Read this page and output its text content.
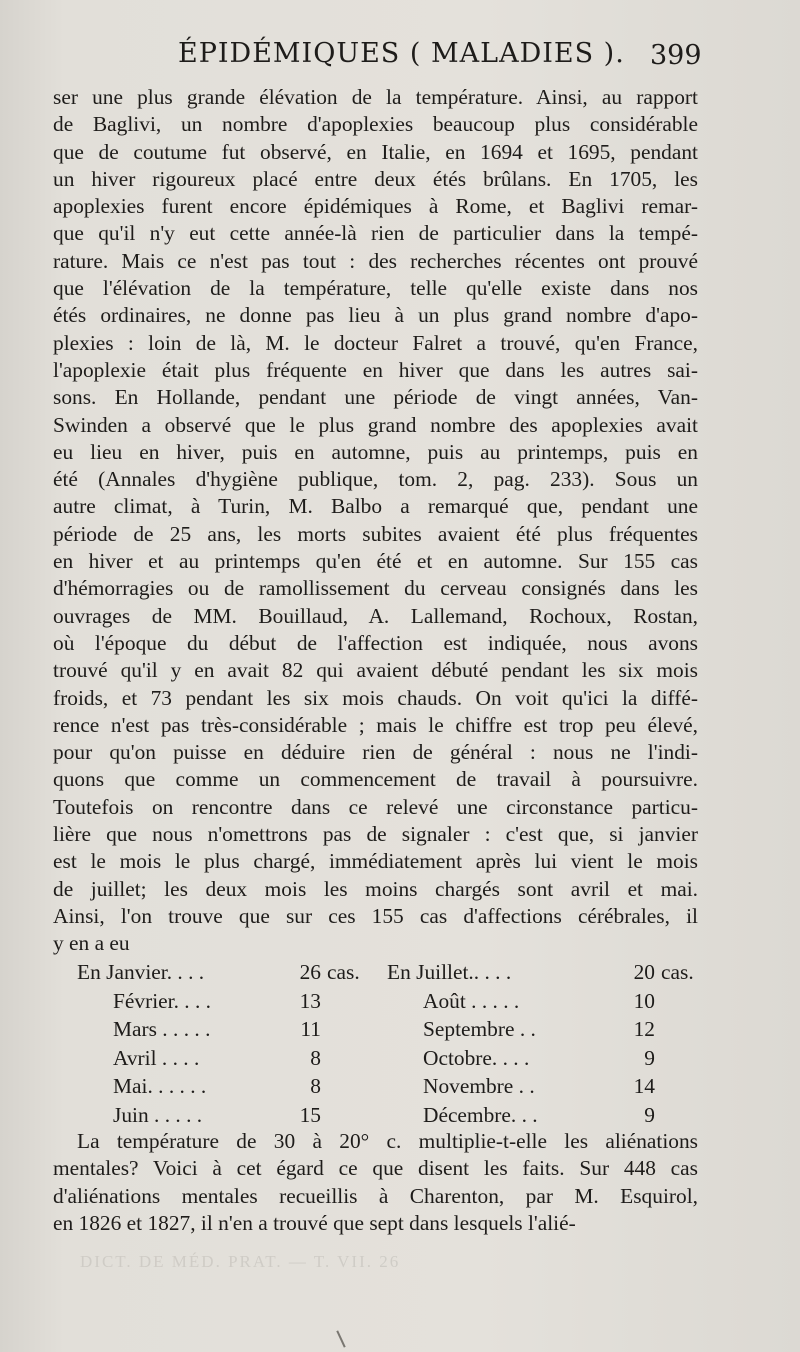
ÉPIDÉMIQUES ( MALADIES ). 399
ser une plus grande élévation de la température. Ainsi, au rapport
de Baglivi, un nombre d'apoplexies beaucoup plus considérable
que de coutume fut observé, en Italie, en 1694 et 1695, pendant
un hiver rigoureux placé entre deux étés brûlans. En 1705, les
apoplexies furent encore épidémiques à Rome, et Baglivi remar-
que qu'il n'y eut cette année-là rien de particulier dans la tempé-
rature. Mais ce n'est pas tout : des recherches récentes ont prouvé
que l'élévation de la température, telle qu'elle existe dans nos
étés ordinaires, ne donne pas lieu à un plus grand nombre d'apo-
plexies : loin de là, M. le docteur Falret a trouvé, qu'en France,
l'apoplexie était plus fréquente en hiver que dans les autres sai-
sons. En Hollande, pendant une période de vingt années, Van-
Swinden a observé que le plus grand nombre des apoplexies avait
eu lieu en hiver, puis en automne, puis au printemps, puis en
été (Annales d'hygiène publique, tom. 2, pag. 233). Sous un
autre climat, à Turin, M. Balbo a remarqué que, pendant une
période de 25 ans, les morts subites avaient été plus fréquentes
en hiver et au printemps qu'en été et en automne. Sur 155 cas
d'hémorragies ou de ramollissement du cerveau consignés dans les
ouvrages de MM. Bouillaud, A. Lallemand, Rochoux, Rostan,
où l'époque du début de l'affection est indiquée, nous avons
trouvé qu'il y en avait 82 qui avaient débuté pendant les six mois
froids, et 73 pendant les six mois chauds. On voit qu'ici la diffé-
rence n'est pas très-considérable ; mais le chiffre est trop peu élevé,
pour qu'on puisse en déduire rien de général : nous ne l'indi-
quons que comme un commencement de travail à poursuivre.
Toutefois on rencontre dans ce relevé une circonstance particu-
lière que nous n'omettrons pas de signaler : c'est que, si janvier
est le mois le plus chargé, immédiatement après lui vient le mois
de juillet; les deux mois les moins chargés sont avril et mai.
Ainsi, l'on trouve que sur ces 155 cas d'affections cérébrales, il
y en a eu
En Janvier. . . .	26 cas. En Juillet.. . . .	20 cas.
Février. . . .	13	Août . . . . .	10
Mars . . . . .	11	Septembre . .	12
Avril . . . .	8	Octobre. . . .	9
Mai. . . . . .	8	Novembre . .	14
Juin . . . . .	15	Décembre. . .	9
La température de 30 à 20° c. multiplie-t-elle les aliénations
mentales? Voici à cet égard ce que disent les faits. Sur 448 cas
d'aliénations mentales recueillis à Charenton, par M. Esquirol,
en 1826 et 1827, il n'en a trouvé que sept dans lesquels l'alié-
DICT. DE MÉD. PRAT. — T. VII. 26
